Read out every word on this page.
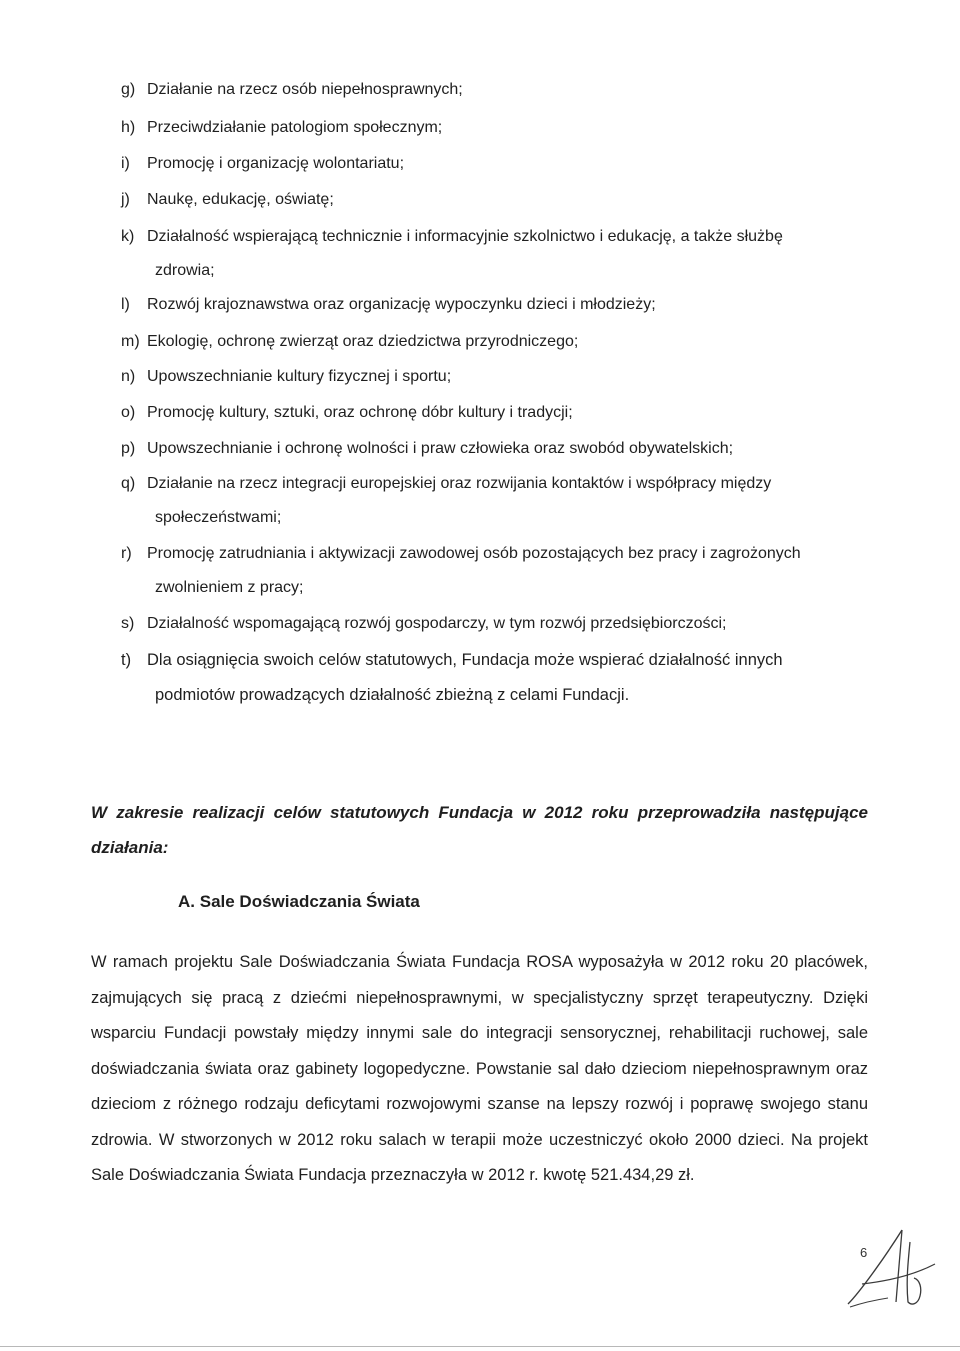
g) Działanie na rzecz osób niepełnosprawnych;
h) Przeciwdziałanie patologiom społecznym;
i)	Promocję i organizację wolontariatu;
j)	Naukę, edukację, oświatę;
k) Działalność wspierającą technicznie i informacyjnie szkolnictwo i edukację, a także służbę
zdrowia;
l)	Rozwój krajoznawstwa oraz organizację wypoczynku dzieci i młodzieży;
m) Ekologię, ochronę zwierząt oraz dziedzictwa przyrodniczego;
n) Upowszechnianie kultury fizycznej i sportu;
o) Promocję kultury, sztuki, oraz ochronę dóbr kultury i tradycji;
p) Upowszechnianie i ochronę wolności i praw człowieka oraz swobód obywatelskich;
q) Działanie na rzecz integracji europejskiej oraz rozwijania kontaktów i współpracy między
społeczeństwami;
r) Promocję zatrudniania i aktywizacji zawodowej osób pozostających bez pracy i zagrożonych
zwolnieniem z pracy;
s) Działalność wspomagającą rozwój gospodarczy, w tym rozwój przedsiębiorczości;
t) Dla osiągnięcia swoich celów statutowych, Fundacja może wspierać działalność innych
podmiotów prowadzących działalność zbieżną z celami Fundacji.
W zakresie realizacji celów statutowych Fundacja w 2012 roku przeprowadziła następujące działania:
A. Sale Doświadczania Świata
W ramach projektu Sale Doświadczania Świata Fundacja ROSA wyposażyła w 2012 roku 20 placówek, zajmujących się pracą z dziećmi niepełnosprawnymi, w specjalistyczny sprzęt terapeutyczny. Dzięki wsparciu Fundacji powstały między innymi sale do integracji sensorycznej, rehabilitacji ruchowej, sale doświadczania świata oraz gabinety logopedyczne. Powstanie sal dało dzieciom niepełnosprawnym oraz dzieciom z różnego rodzaju deficytami rozwojowymi szanse na lepszy rozwój i poprawę swojego stanu zdrowia. W stworzonych w 2012 roku salach w terapii może uczestniczyć około 2000 dzieci. Na projekt Sale Doświadczania Świata Fundacja przeznaczyła w 2012 r. kwotę 521.434,29 zł.
6
